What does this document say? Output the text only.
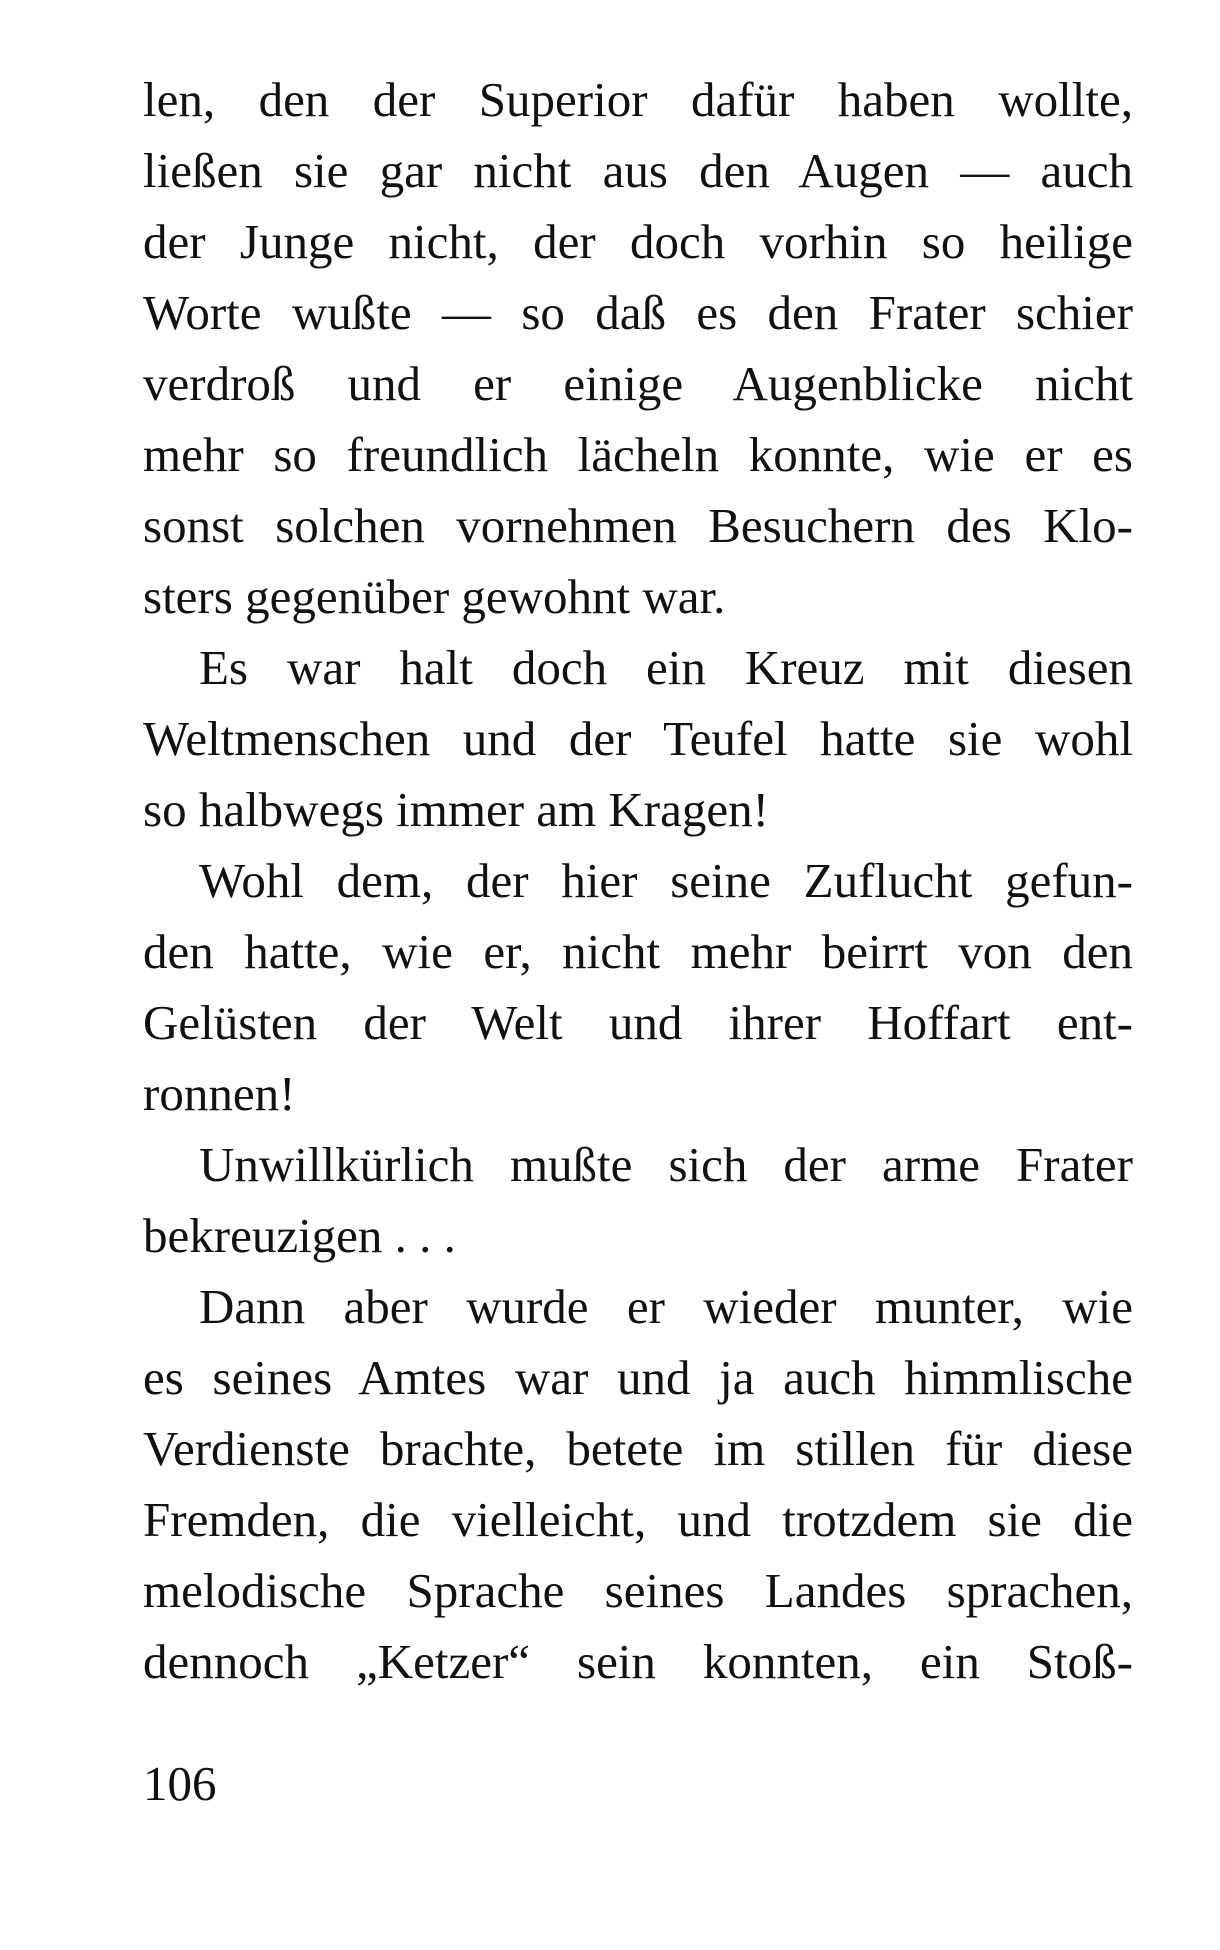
len, den der Superior dafür haben wollte,
ließen sie gar nicht aus den Augen — auch
der Junge nicht, der doch vorhin so heilige
Worte wußte — so daß es den Frater schier
verdroß und er einige Augenblicke nicht
mehr so freundlich lächeln konnte, wie er es
sonst solchen vornehmen Besuchern des Klo-
sters gegenüber gewohnt war.
Es war halt doch ein Kreuz mit diesen
Weltmenschen und der Teufel hatte sie wohl
so halbwegs immer am Kragen!
Wohl dem, der hier seine Zuflucht gefun-
den hatte, wie er, nicht mehr beirrt von den
Gelüsten der Welt und ihrer Hoffart ent-
ronnen!
Unwillkürlich mußte sich der arme Frater
bekreuzigen . . .
Dann aber wurde er wieder munter, wie
es seines Amtes war und ja auch himmlische
Verdienste brachte, betete im stillen für diese
Fremden, die vielleicht, und trotzdem sie die
melodische Sprache seines Landes sprachen,
dennoch „Ketzer“ sein konnten, ein Stoß-
106
